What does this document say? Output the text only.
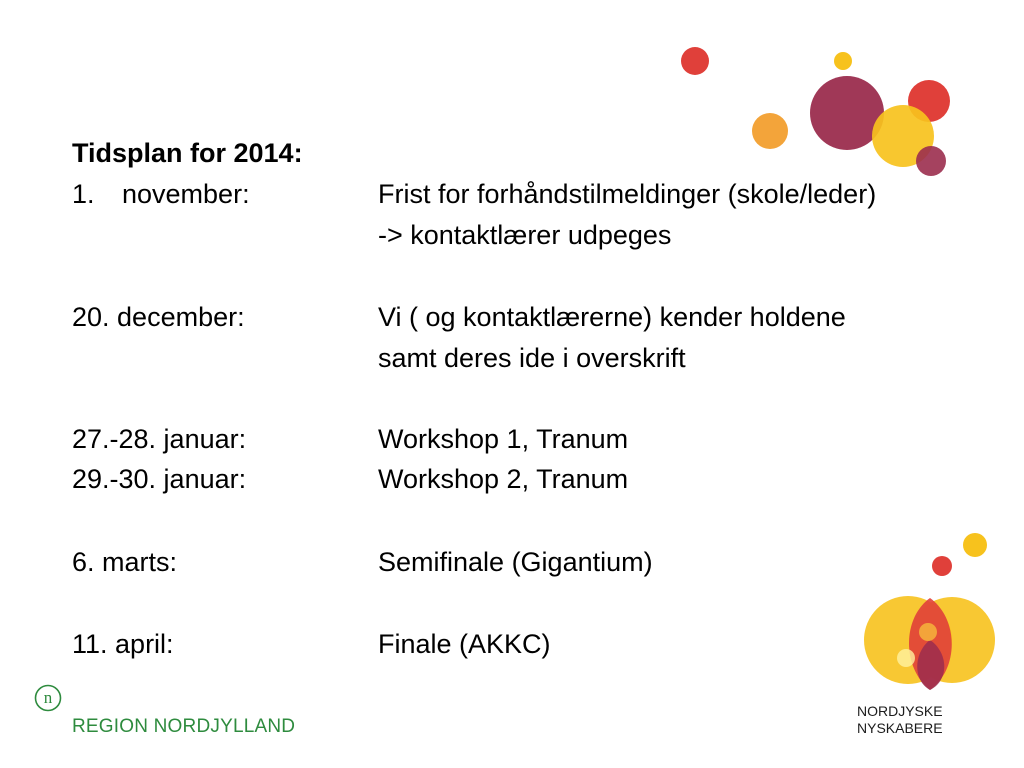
Tidsplan for 2014:
1. november:	Frist for forhåndstilmeldinger (skole/leder)
-> kontaktlærer udpeges
20. december:	Vi ( og kontaktlærerne) kender holdene
samt deres ide i overskrift
27.-28. januar:	Workshop 1, Tranum
29.-30. januar:	Workshop 2, Tranum
6. marts:	Semifinale (Gigantium)
11. april:	Finale (AKKC)
n
REGION NORDJYLLAND
NORDJYSKE
NYSKABERE
